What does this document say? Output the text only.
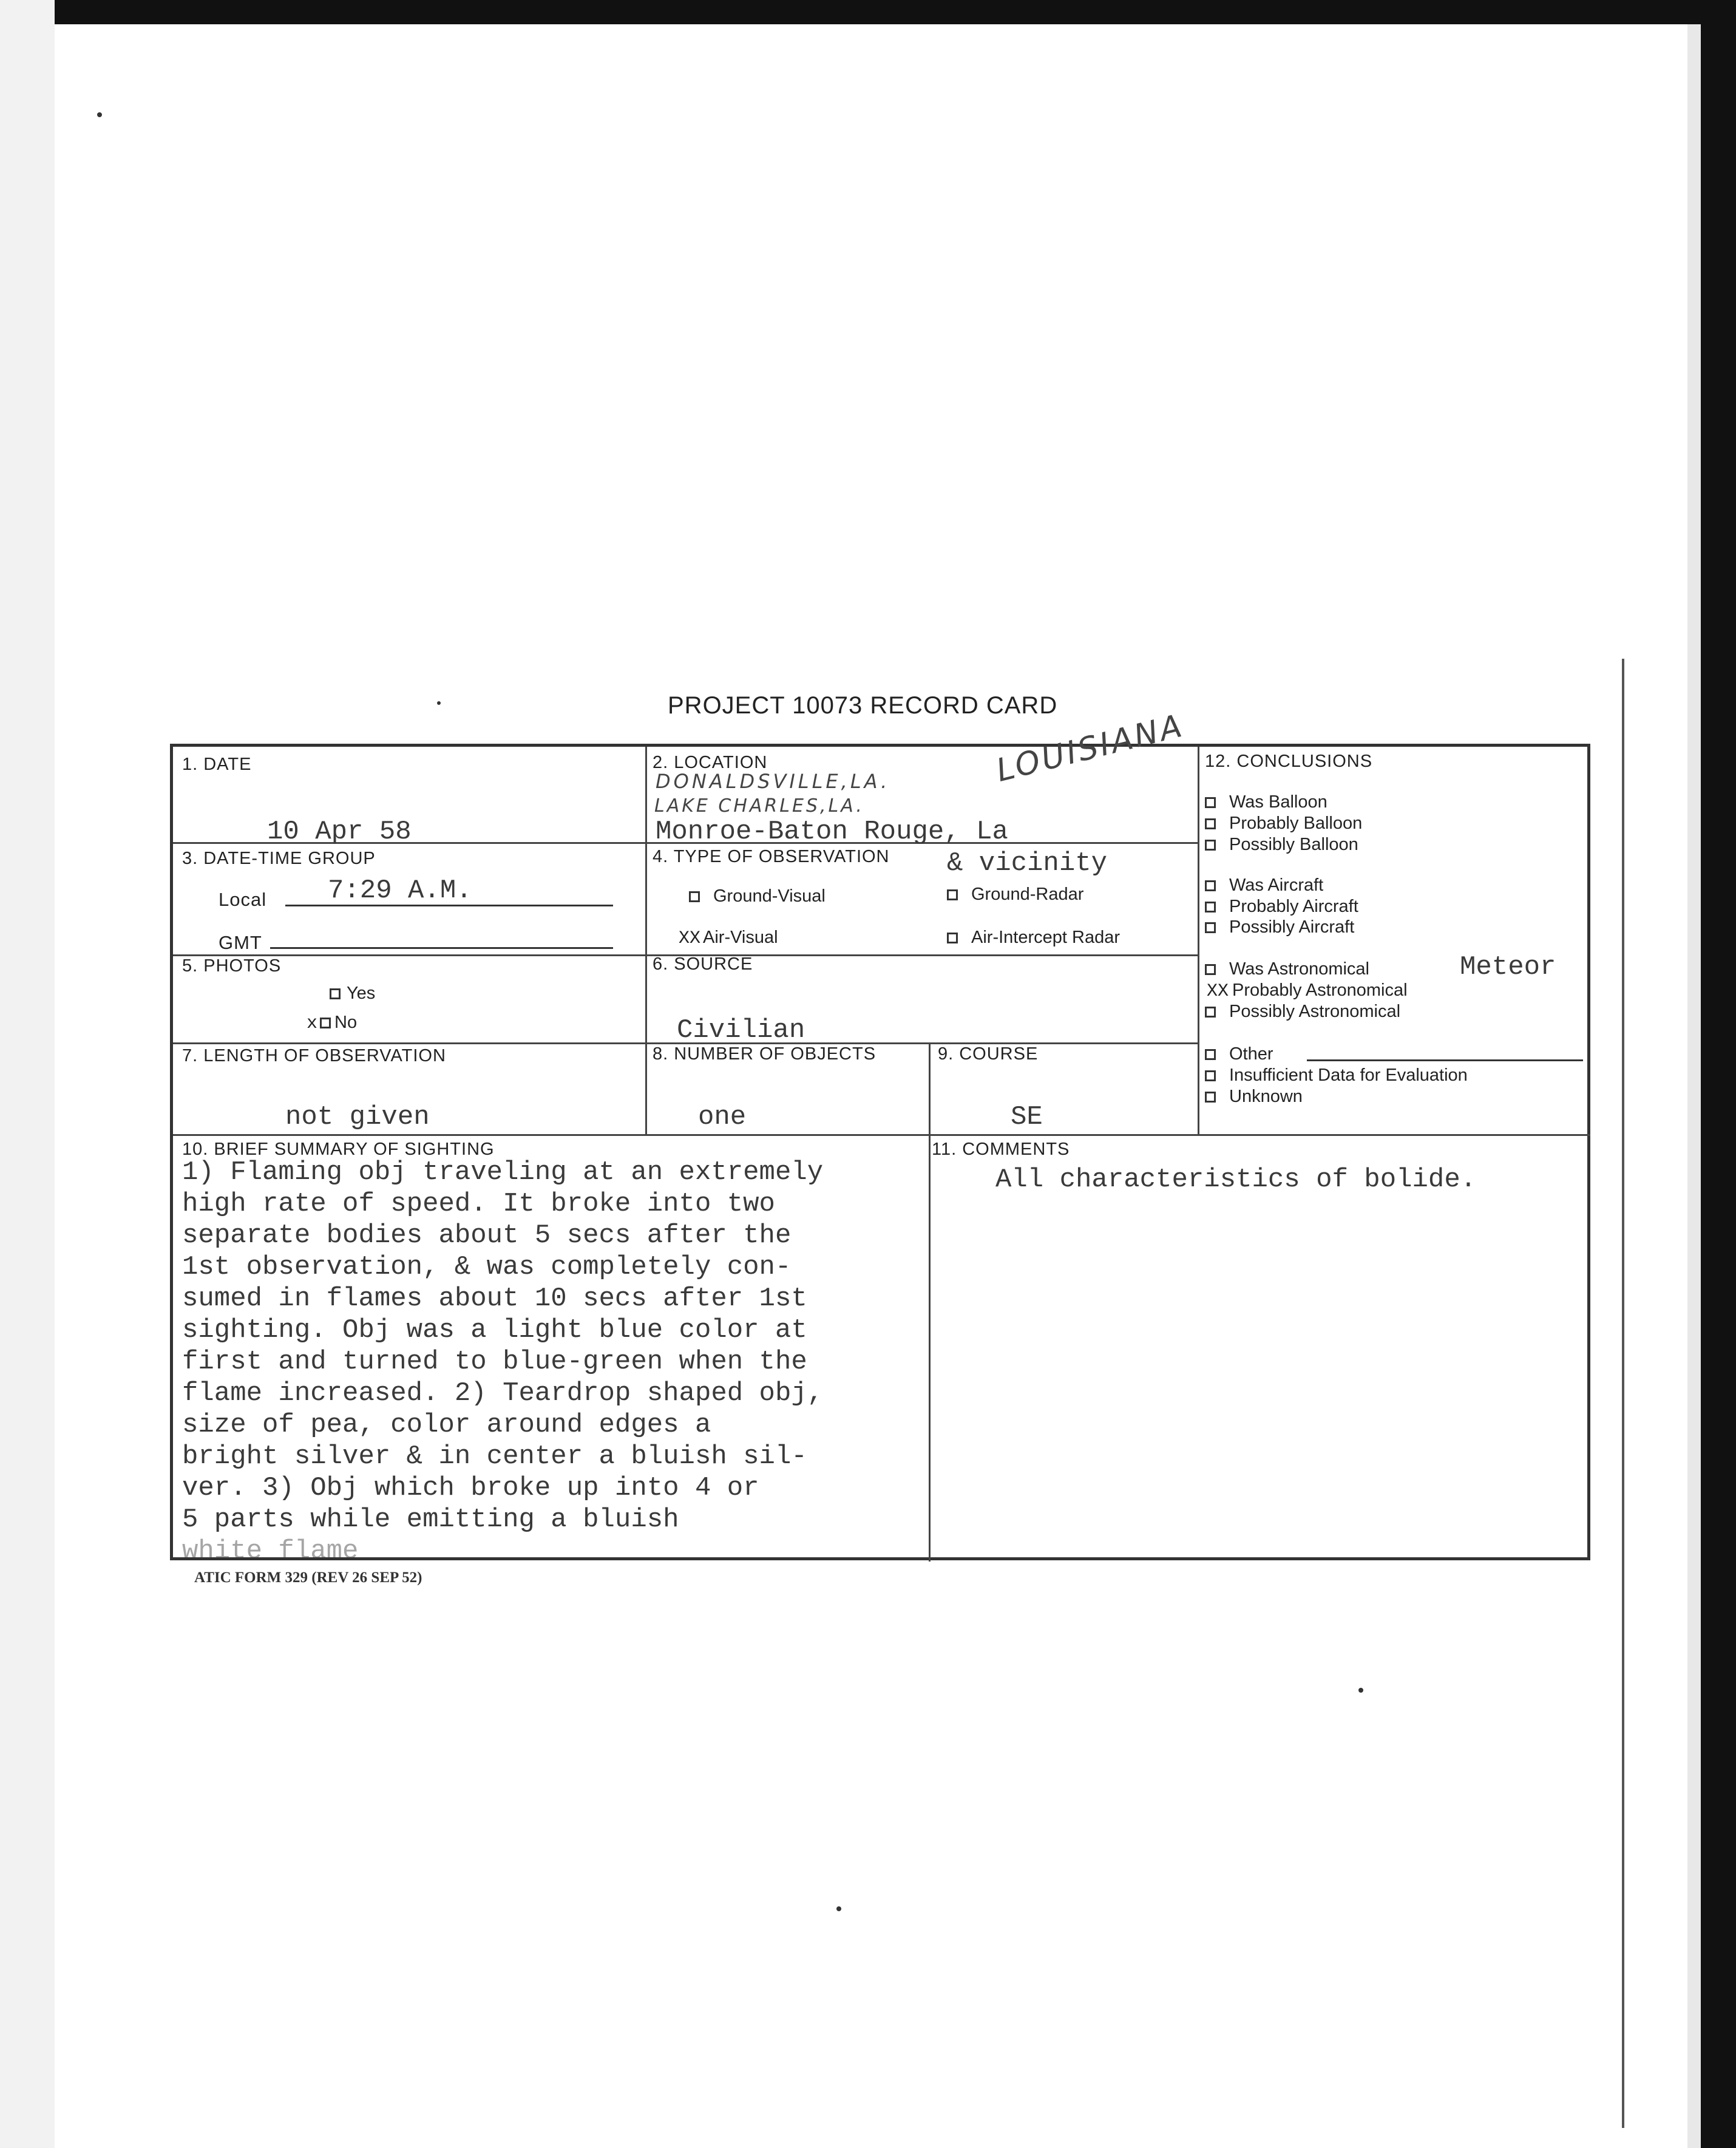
PROJECT 10073 RECORD CARD
1. DATE
10 Apr 58
2. LOCATION
DONALDSVILLE,LA.
LAKE CHARLES,LA.
LOUISIANA
Monroe-Baton Rouge, La
& vicinity
3. DATE-TIME GROUP
Local 7:29 A.M.
GMT
4. TYPE OF OBSERVATION
Ground-Visual	Ground-Radar
XX Air-Visual	Air-Intercept Radar
5. PHOTOS
Yes
x No
6. SOURCE
Civilian
7. LENGTH OF OBSERVATION
not given
8. NUMBER OF OBJECTS
one
9. COURSE
SE
10. BRIEF SUMMARY OF SIGHTING
1) Flaming obj traveling at an extremely
high rate of speed. It broke into two
separate bodies about 5 secs after the
1st observation, & was completely con-
sumed in flames about 10 secs after 1st
sighting. Obj was a light blue color at
first and turned to blue-green when the
flame increased. 2) Teardrop shaped obj,
size of pea, color around edges a
bright silver & in center a bluish sil-
ver. 3) Obj which broke up into 4 or
5 parts while emitting a bluish
white flame
11. COMMENTS
All characteristics of bolide.
12. CONCLUSIONS
Was Balloon
Probably Balloon
Possibly Balloon
Was Aircraft
Probably Aircraft
Possibly Aircraft
Was Astronomical	Meteor
XX Probably Astronomical
Possibly Astronomical
Other
Insufficient Data for Evaluation
Unknown
ATIC FORM 329 (REV 26 SEP 52)
